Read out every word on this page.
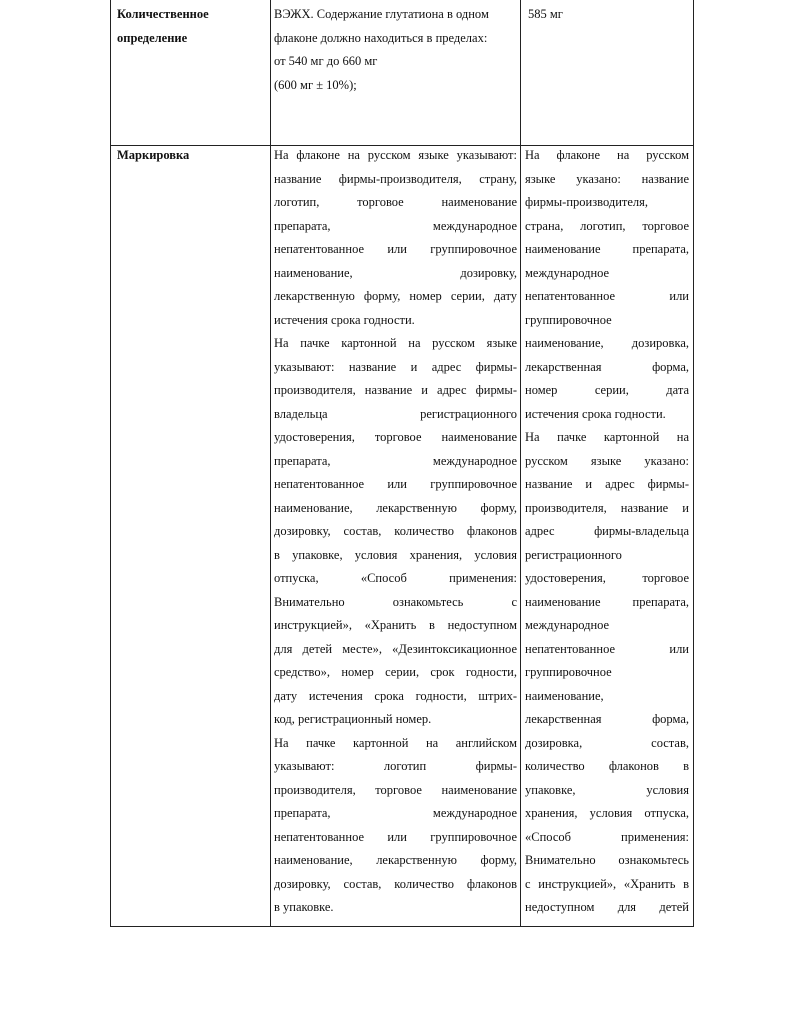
Количественное определение

ВЭЖХ. Содержание глутатиона в одном

флаконе должно находиться в пределах:

от 540 мг до 660 мг

(600 мг ± 10%);

585 мг

Маркировка	На флаконе на русском языке указывают:

название фирмы-производителя, страну,

логотип, торговое наименование

препарата, международное

непатентованное или группировочное

наименование, дозировку,

лекарственную форму, номер серии, дату

истечения срока годности.

На пачке картонной на русском языке

указывают: название и адрес фирмы-

производителя, название и адрес фирмы-

владельца регистрационного

удостоверения, торговое наименование

препарата, международное

непатентованное или группировочное

наименование, лекарственную форму,

дозировку, состав, количество флаконов

в упаковке, условия хранения, условия

отпуска, «Способ применения:

Внимательно ознакомьтесь с

инструкцией», «Хранить в недоступном

для детей месте», «Дезинтоксикационное

средство», номер серии, срок годности,

дату истечения срока годности, штрих-

код, регистрационный номер.

На пачке картонной на английском

указывают: логотип фирмы-

производителя, торговое наименование

препарата, международное

непатентованное или группировочное

наименование, лекарственную форму,

дозировку, состав, количество флаконов

в упаковке.

На флаконе на русском

языке указано: название

фирмы-производителя,

страна, логотип, торговое

наименование препарата,

международное

непатентованное или

группировочное

наименование, дозировка,

лекарственная форма,

номер серии, дата

истечения срока годности.

На пачке картонной на

русском языке указано:

название и адрес фирмы-

производителя, название и

адрес фирмы-владельца

регистрационного

удостоверения, торговое

наименование препарата,

международное

непатентованное или

группировочное

наименование,

лекарственная форма,

дозировка, состав,

количество флаконов в

упаковке, условия

хранения, условия отпуска,

«Способ применения:

Внимательно ознакомьтесь

с инструкцией», «Хранить в

недоступном для детей
